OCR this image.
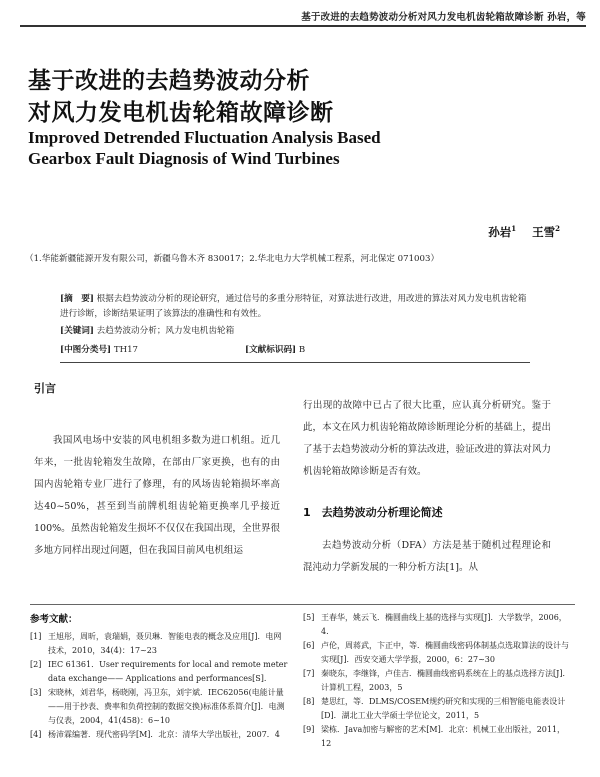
基于改进的去趋势波动分析对风力发电机齿轮箱故障诊断 孙岩，等
基于改进的去趋势波动分析
对风力发电机齿轮箱故障诊断
Improved Detrended Fluctuation Analysis Based
Gearbox Fault Diagnosis of Wind Turbines
孙岩$^1$ 王雪$^2$
（1.华能新疆能源开发有限公司，新疆乌鲁木齐 830017；2.华北电力大学机械工程系，河北保定 071003）
[摘　要] 根据去趋势波动分析的现论研究，通过信号的多重分形特征，对算法进行改进，用改进的算法对风力发电机齿轮箱进行诊断，诊断结果证明了该算法的准确性和有效性。
[关键词] 去趋势波动分析；风力发电机齿轮箱
[中图分类号] TH17	[文献标识码] B
引言

我国风电场中安装的风电机组多数为进口机组。近几年来，一批齿轮箱发生故障，在部由厂家更换，也有的由国内齿轮箱专业厂进行了修理，有的风场齿轮箱损坏率高达40~50%，甚至到当前牌机组齿轮箱更换率几乎接近100%。虽然齿轮箱发生损坏不仅仅在我国出现，全世界很多地方同样出现过问题，但在我国目前风电机组运

行出现的故障中已占了很大比重，应认真分析研究。鉴于此，本文在风力机齿轮箱故障诊断理论分析的基础上，提出了基于去趋势波动分析的算法改进，验证改进的算法对风力机齿轮箱故障诊断是否有效。

1　去趋势波动分析理论简述

去趋势波动分析（DFA）方法是基于随机过程理论和混沌动力学新发展的一种分析方法[1]。从

参考文献：
[1] 王旭彤，周昕，袁瑞娟，聂贝琳．智能电表的概念及应用[J]．电网技术，2010，34(4)：17~23
[2] IEC 61361．User requirements for local and remote meter data exchange—— Applications and performances[S].
[3] 宋晓林，刘君华，杨晓刚，冯卫东，刘宇斌．IEC62056(电能计量——用于抄表、费率和负荷控制的数据交换)标准体系简介[J]．电测与仪表，2004，41(458)：6~10
[4] 杨沛霖编著．现代密码学[M]．北京：清华大学出版社，2007．4
[5] 王春华，姚云飞．椭圆曲线上基的选择与实现[J]．大学数学，2006，4.
[6] 卢伦，周蒋武，卞正中，等．椭圆曲线密码体制基点选取算法的设计与实现[J]．西安交通大学学报，2000，6：27~30
[7] 秦晓东，李继锋，卢佳吉．椭圆曲线密码系统在上的基点选择方法[J]．计算机工程，2003，5
[8] 楚思红，等．DLMS/COSEM规约研究和实现的三相智能电能表设计[D]．湖北工业大学硕士学位论文，2011，5
[9] 梁栋．Java加密与解密的艺术[M]．北京：机械工业出版社，2011，12
